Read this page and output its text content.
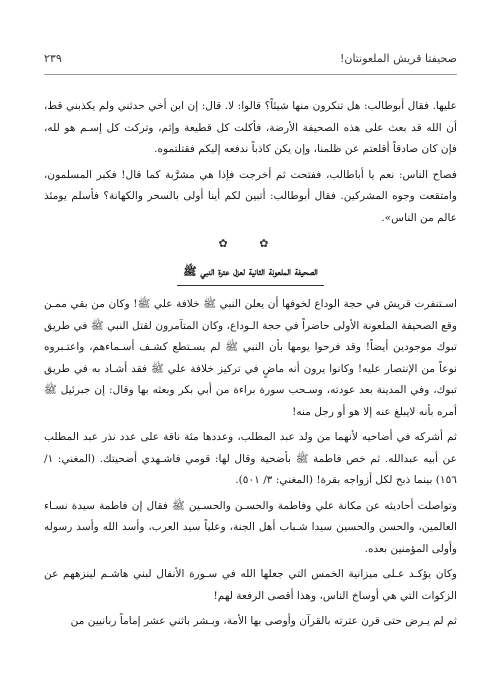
صحيفتا قريش الملعونتان!
٢٣٩

عليها. فقال أبوطالب: هل تنكرون منها شيئاً؟ قالوا: لا. قال: إن ابن أخي حدثني ولم يكذبني قط، أن الله قد بعث على هذه الصحيفة الأرضة، فأكلت كل قطيعة وإثم، وتركت كل إسـم هو لله، فإن كان صادقاً أقلعتم عن ظلمنا، وإن يكن كاذباً ندفعه إليكم فقتلتموه.

فصاح الناس: نعم يا أباطالب، ففتحت ثم أخرجت فإذا هي مشرَّبة كما قال! فكبر المسلمون، وامتقعت وجوه المشركين. فقال أبوطالب: أتبين لكم أينا أولى بالسحر والكهانة؟ فأسلم يومئذ عالم من الناس».

✿ ✿
الصحيفة الملعونة الثانية لعزل عترة النبي ﷺ

اسـتنفرت قريش في حجة الوداع لخوفها أن يعلن النبي ﷺ خلافة علي ﷺ! وكان من بقي ممـن وقع الصحيفة الملعونة الأولى حاضراً في حجة الـوداع، وكان المتآمرون لقتل النبي ﷺ في طريق تبوك موجودين أيضاً! وقد فرحوا يومها بأن النبي ﷺ لم يسـتطع كشـف أسـماءهم، واعتـبروه نوعاً من الإنتصار عليه! وكانوا يرون أنه ماضٍ في تركيز خلافة علي ﷺ فقد أشـاد به في طريق تبوك، وفي المدينة بعد عودته، وسـحب سورة براءة من أبي بكر وبعثه بها وقال: إن جبرئيل ﷺ أمره بأنه لايبلغ عنه إلا هو أو رجل منه!

ثم أشركه في أضاحيه لأنهما من ولد عبد المطلب، وعددها مئة ناقة على عدد نذر عبد المطلب عن أبيه عبدالله. ثم خص فاطمة ﷺ بأضحية وقال لها: قومي فاشـهدي أضحيتك. (المغني: ١/ ١٥٦) بينما ذبح لكل أزواجه بقرة! (المغني: ٣/ ٥٠١).

وتواصلت أحاديثه عن مكانة علي وفاطمة والحسـن والحسـين ﷺ فقال إن فاطمة سيدة نسـاء العالمين، والحسن والحسين سيدا شـباب أهل الجنة، وعلياً سيد العرب، وأسد الله وأسد رسوله وأولى المؤمنين بعده.

وكان يؤكـد عـلى ميزانية الخمس التي جعلها الله في سـورة الأنفال لبني هاشـم لينزههم عن الزكوات التي هي أوساخ الناس، وهذا أقصى الرفعة لهم!

ثم لم يـرض حتى قرن عترته بالقرآن وأوصى بها الأمة، وبـشر باثني عشر إماماً ربانيين من
